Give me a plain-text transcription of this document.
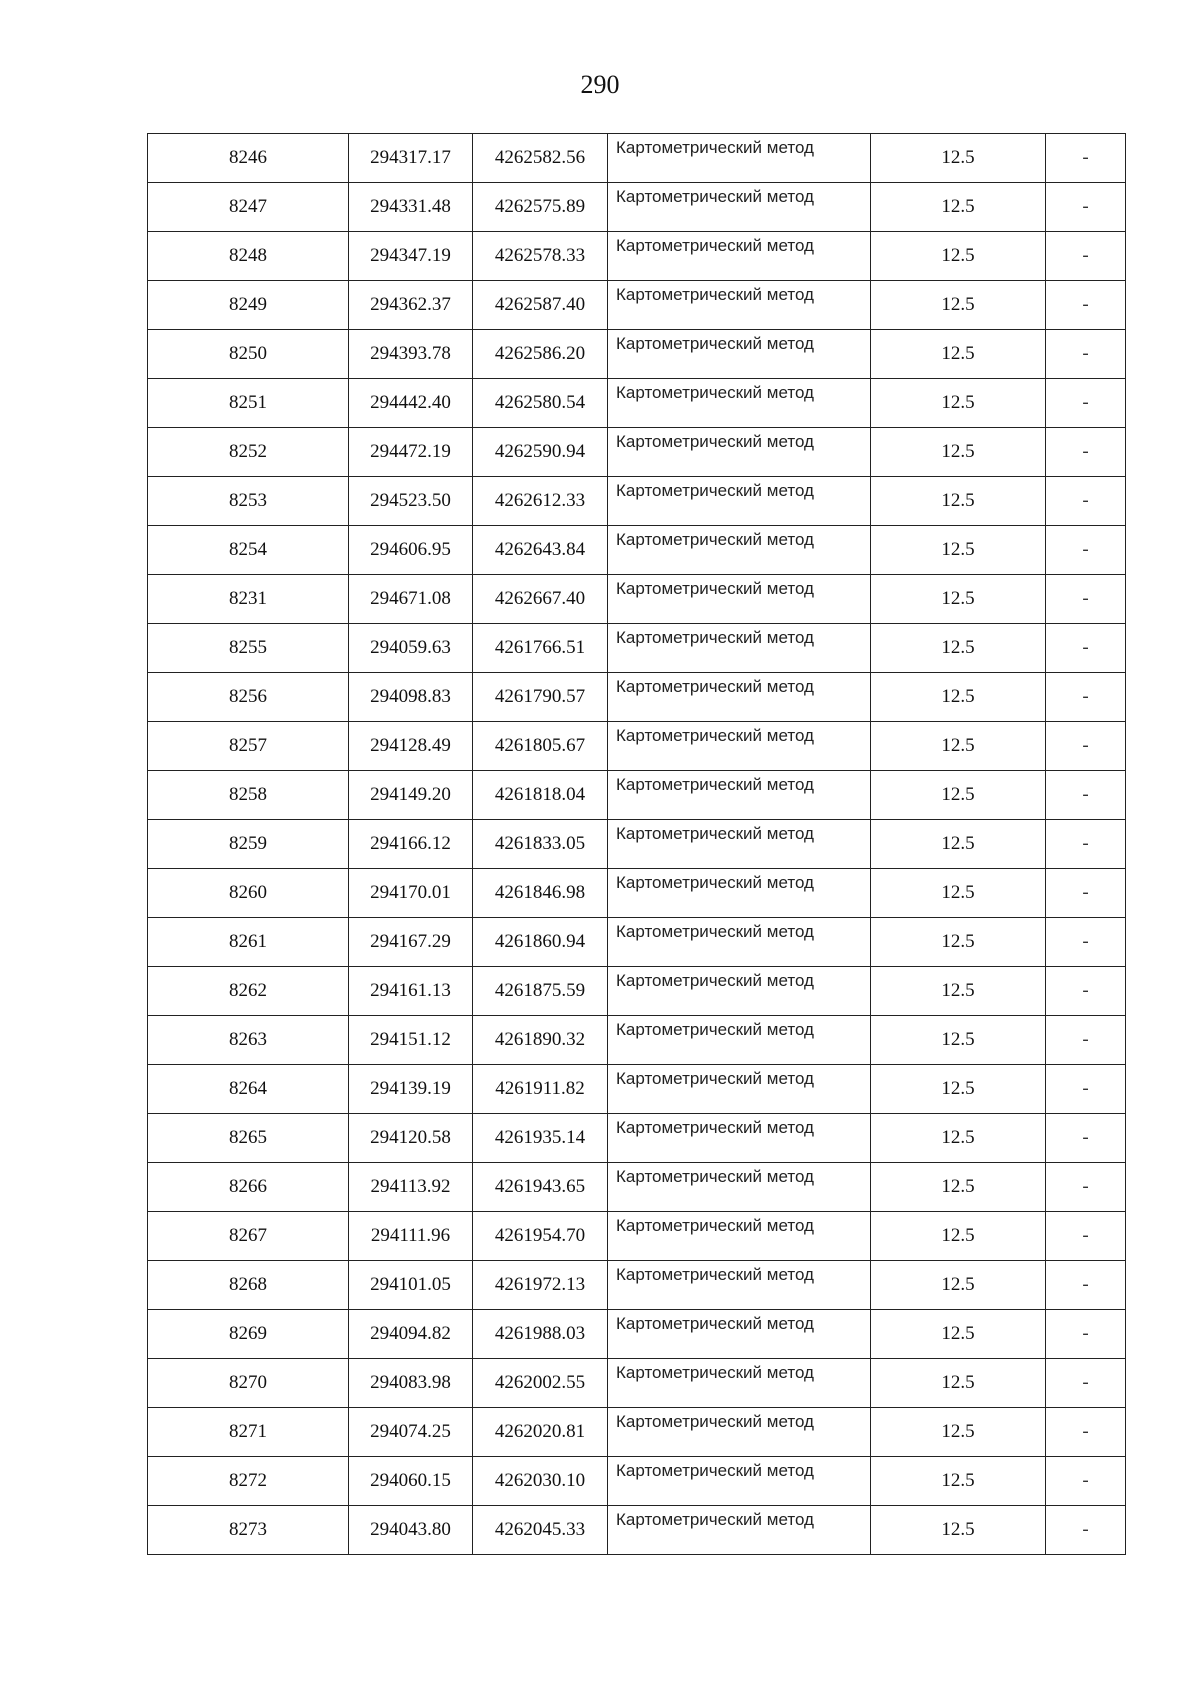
290
8246	294317.17	4262582.56	Картометрический метод	12.5	-
8247	294331.48	4262575.89	Картометрический метод	12.5	-
8248	294347.19	4262578.33	Картометрический метод	12.5	-
8249	294362.37	4262587.40	Картометрический метод	12.5	-
8250	294393.78	4262586.20	Картометрический метод	12.5	-
8251	294442.40	4262580.54	Картометрический метод	12.5	-
8252	294472.19	4262590.94	Картометрический метод	12.5	-
8253	294523.50	4262612.33	Картометрический метод	12.5	-
8254	294606.95	4262643.84	Картометрический метод	12.5	-
8231	294671.08	4262667.40	Картометрический метод	12.5	-
8255	294059.63	4261766.51	Картометрический метод	12.5	-
8256	294098.83	4261790.57	Картометрический метод	12.5	-
8257	294128.49	4261805.67	Картометрический метод	12.5	-
8258	294149.20	4261818.04	Картометрический метод	12.5	-
8259	294166.12	4261833.05	Картометрический метод	12.5	-
8260	294170.01	4261846.98	Картометрический метод	12.5	-
8261	294167.29	4261860.94	Картометрический метод	12.5	-
8262	294161.13	4261875.59	Картометрический метод	12.5	-
8263	294151.12	4261890.32	Картометрический метод	12.5	-
8264	294139.19	4261911.82	Картометрический метод	12.5	-
8265	294120.58	4261935.14	Картометрический метод	12.5	-
8266	294113.92	4261943.65	Картометрический метод	12.5	-
8267	294111.96	4261954.70	Картометрический метод	12.5	-
8268	294101.05	4261972.13	Картометрический метод	12.5	-
8269	294094.82	4261988.03	Картометрический метод	12.5	-
8270	294083.98	4262002.55	Картометрический метод	12.5	-
8271	294074.25	4262020.81	Картометрический метод	12.5	-
8272	294060.15	4262030.10	Картометрический метод	12.5	-
8273	294043.80	4262045.33	Картометрический метод	12.5	-
